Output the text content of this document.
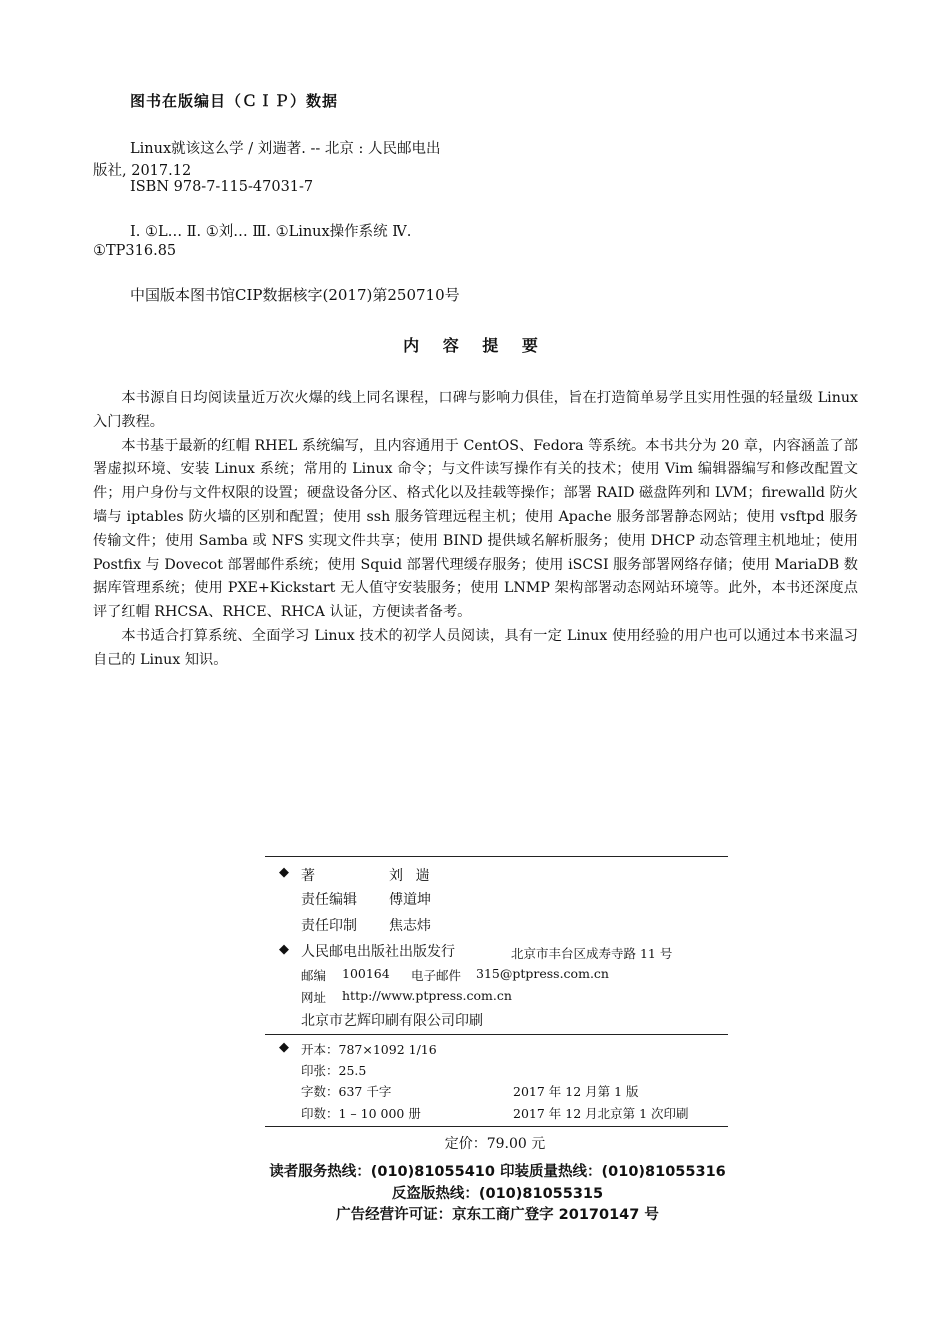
图书在版编目（ＣＩＰ）数据
Linux就该这么学 / 刘遄著. -- 北京 : 人民邮电出
版社, 2017.12
ISBN 978-7-115-47031-7
Ⅰ. ①L… Ⅱ. ①刘… Ⅲ. ①Linux操作系统 Ⅳ.
①TP316.85
中国版本图书馆CIP数据核字(2017)第250710号
内 容 提 要

本书源自日均阅读量近万次火爆的线上同名课程，口碑与影响力俱佳，旨在打造简单易学且实用性强的轻量级 Linux 入门教程。

本书基于最新的红帽 RHEL 系统编写，且内容通用于 CentOS、Fedora 等系统。本书共分为 20 章，内容涵盖了部署虚拟环境、安装 Linux 系统；常用的 Linux 命令；与文件读写操作有关的技术；使用 Vim 编辑器编写和修改配置文件；用户身份与文件权限的设置；硬盘设备分区、格式化以及挂载等操作；部署 RAID 磁盘阵列和 LVM；firewalld 防火墙与 iptables 防火墙的区别和配置；使用 ssh 服务管理远程主机；使用 Apache 服务部署静态网站；使用 vsftpd 服务传输文件；使用 Samba 或 NFS 实现文件共享；使用 BIND 提供域名解析服务；使用 DHCP 动态管理主机地址；使用 Postfix 与 Dovecot 部署邮件系统；使用 Squid 部署代理缓存服务；使用 iSCSI 服务部署网络存储；使用 MariaDB 数据库管理系统；使用 PXE+Kickstart 无人值守安装服务；使用 LNMP 架构部署动态网站环境等。此外，本书还深度点评了红帽 RHCSA、RHCE、RHCA 认证，方便读者备考。

本书适合打算系统、全面学习 Linux 技术的初学人员阅读，具有一定 Linux 使用经验的用户也可以通过本书来温习自己的 Linux 知识。

◆ 著	刘 遄
责任编辑 傅道坤
责任印制 焦志炜
◆ 人民邮电出版社出版发行	北京市丰台区成寿寺路 11 号
邮编 100164 电子邮件 315@ptpress.com.cn
网址 http://www.ptpress.com.cn
北京市艺辉印刷有限公司印刷
◆ 开本：787×1092 1/16
印张：25.5
字数：637 千字	2017 年 12 月第 1 版
印数：1 – 10 000 册	2017 年 12 月北京第 1 次印刷
定价：79.00 元
读者服务热线：(010)81055410 印装质量热线：(010)81055316
反盗版热线：(010)81055315
广告经营许可证：京东工商广登字 20170147 号
